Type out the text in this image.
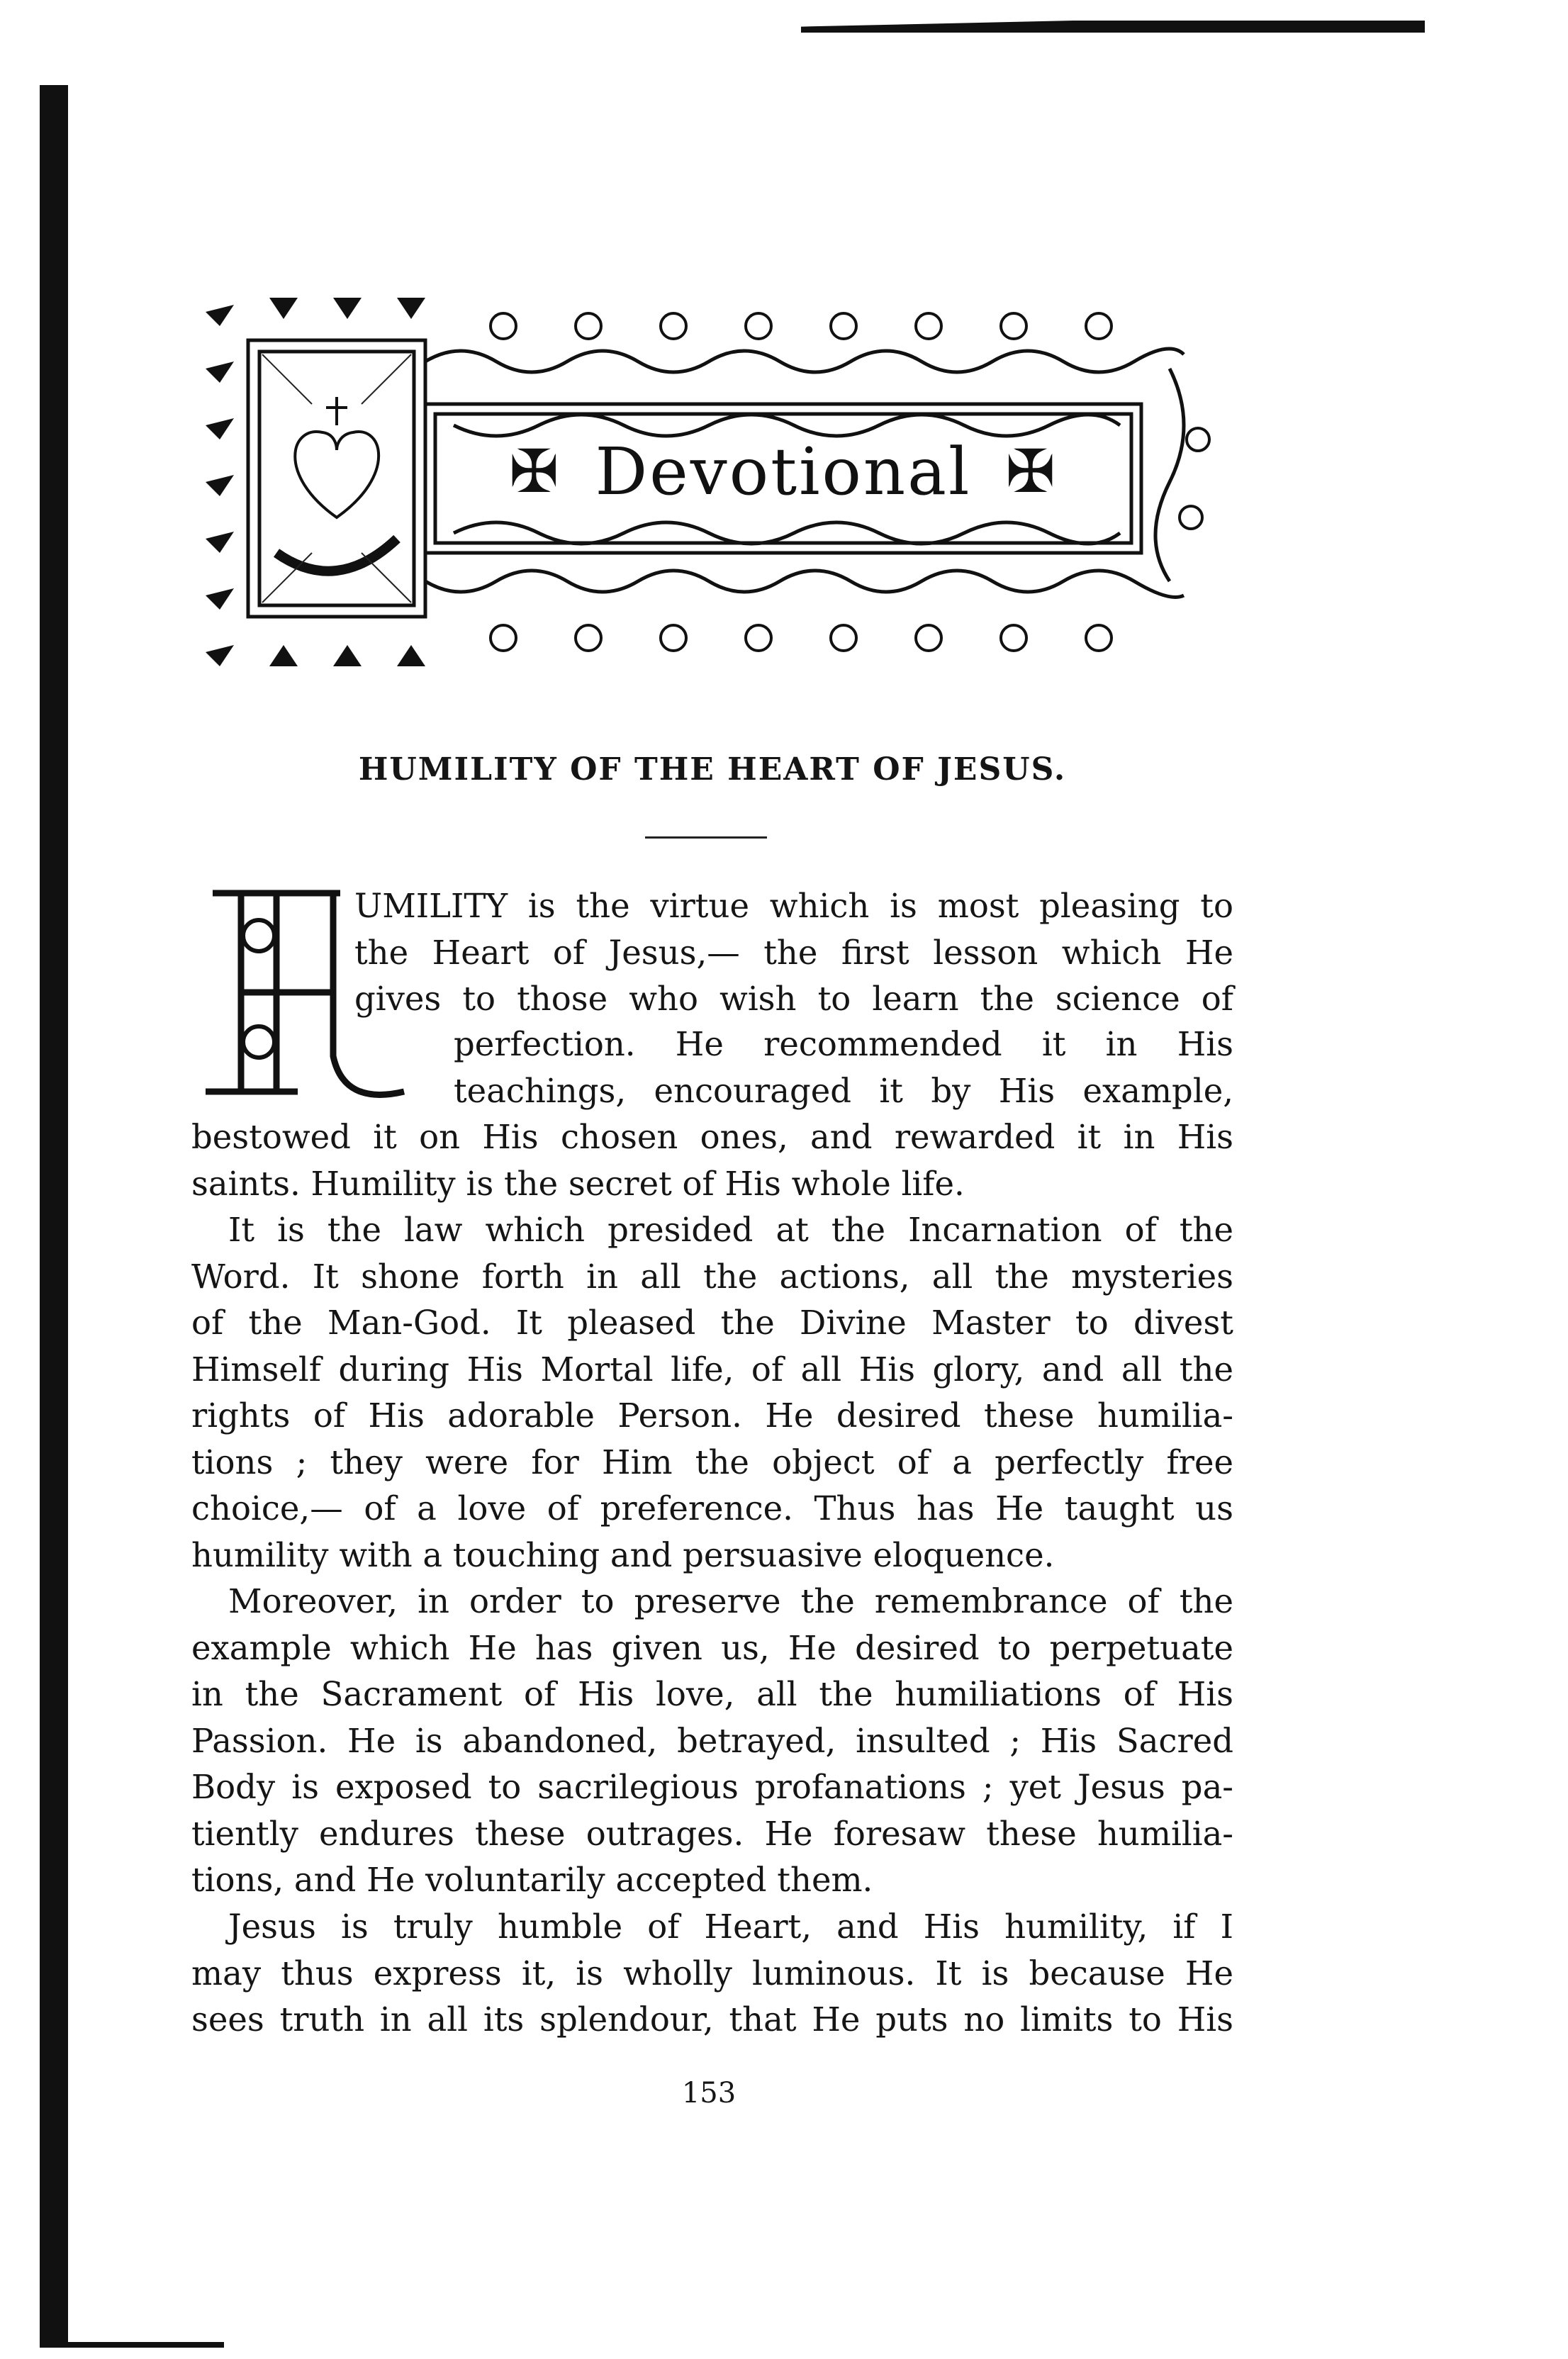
✠ Devotional ✠
HUMILITY OF THE HEART OF JESUS.
UMILITY is the virtue which is most pleasing to
the Heart of Jesus,— the first lesson which He
gives to those who wish to learn the science of
perfection. He recommended it in His
teachings, encouraged it by His example,
bestowed it on His chosen ones, and rewarded it in His
saints. Humility is the secret of His whole life.
It is the law which presided at the Incarnation of the
Word. It shone forth in all the actions, all the mysteries
of the Man-God. It pleased the Divine Master to divest
Himself during His Mortal life, of all His glory, and all the
rights of His adorable Person. He desired these humilia-
tions ; they were for Him the object of a perfectly free
choice,— of a love of preference. Thus has He taught us
humility with a touching and persuasive eloquence.
Moreover, in order to preserve the remembrance of the
example which He has given us, He desired to perpetuate
in the Sacrament of His love, all the humiliations of His
Passion. He is abandoned, betrayed, insulted ; His Sacred
Body is exposed to sacrilegious profanations ; yet Jesus pa-
tiently endures these outrages. He foresaw these humilia-
tions, and He voluntarily accepted them.
Jesus is truly humble of Heart, and His humility, if I
may thus express it, is wholly luminous. It is because He
sees truth in all its splendour, that He puts no limits to His
153
